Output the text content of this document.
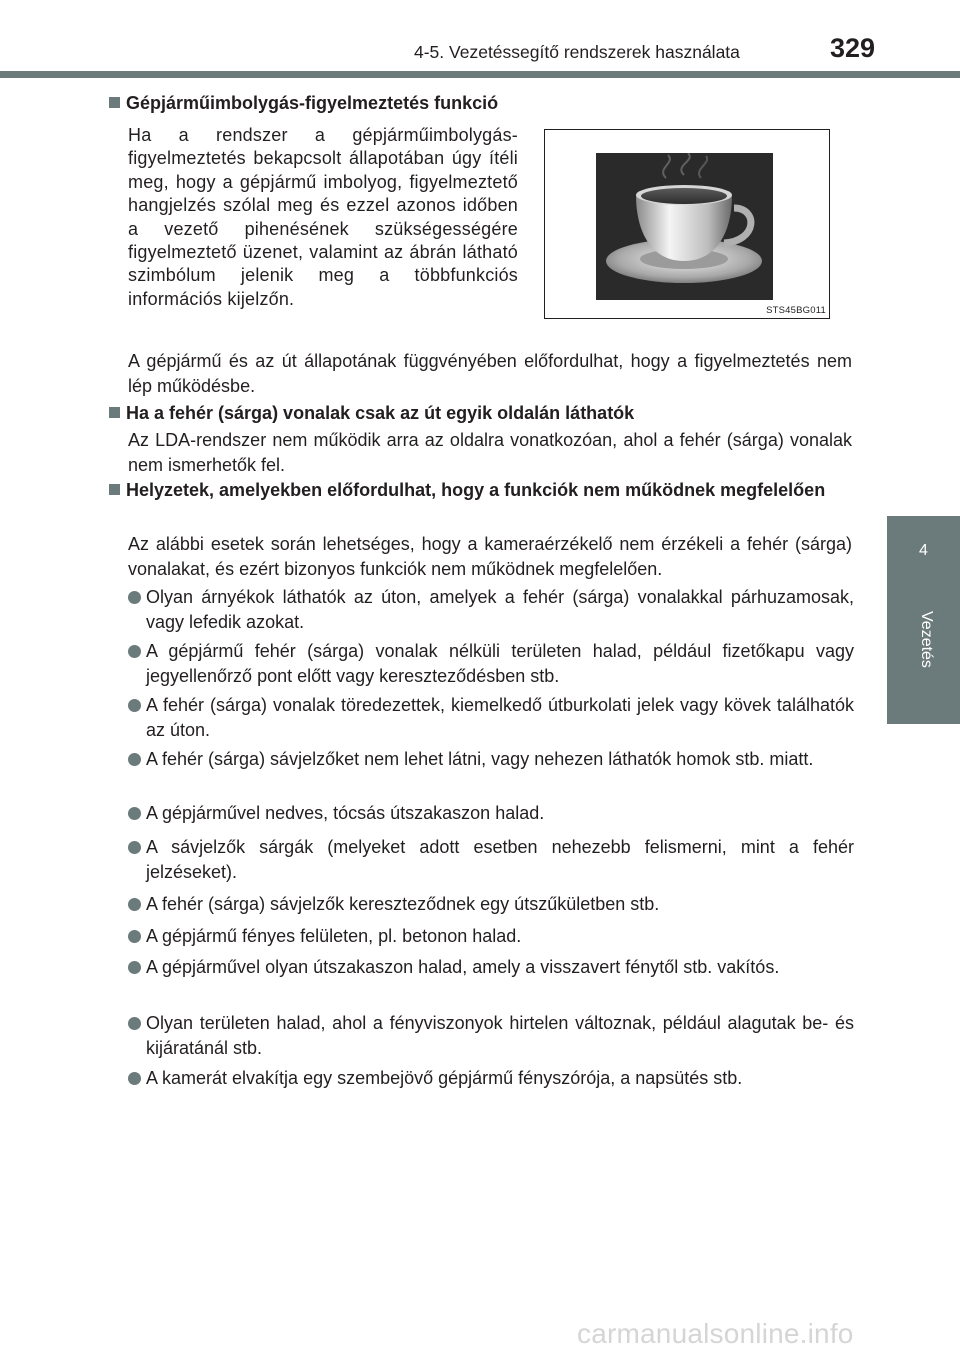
4-5. Vezetéssegítő rendszerek használata	329
4
Vezetés
Gépjárműimbolygás-figyelmeztetés funkció
Ha a rendszer a gépjárműimbolygás-figyelmeztetés bekapcsolt állapotában úgy ítéli meg, hogy a gépjármű imbolyog, figyelmeztető hangjelzés szólal meg és ezzel azonos időben a vezető pihenésének szükségességére figyelmeztető üzenet, valamint az ábrán látható szimbólum jelenik meg a többfunkciós információs kijelzőn.
STS45BG011
A gépjármű és az út állapotának függvényében előfordulhat, hogy a figyelmeztetés nem lép működésbe.
Ha a fehér (sárga) vonalak csak az út egyik oldalán láthatók
Az LDA-rendszer nem működik arra az oldalra vonatkozóan, ahol a fehér (sárga) vonalak nem ismerhetők fel.
Helyzetek, amelyekben előfordulhat, hogy a funkciók nem működnek megfelelően
Az alábbi esetek során lehetséges, hogy a kameraérzékelő nem érzékeli a fehér (sárga) vonalakat, és ezért bizonyos funkciók nem működnek megfelelően.
Olyan árnyékok láthatók az úton, amelyek a fehér (sárga) vonalakkal párhuzamosak, vagy lefedik azokat.
A gépjármű fehér (sárga) vonalak nélküli területen halad, például fizetőkapu vagy jegyellenőrző pont előtt vagy kereszteződésben stb.
A fehér (sárga) vonalak töredezettek, kiemelkedő útburkolati jelek vagy kövek találhatók az úton.
A fehér (sárga) sávjelzőket nem lehet látni, vagy nehezen láthatók homok stb. miatt.
A gépjárművel nedves, tócsás útszakaszon halad.
A sávjelzők sárgák (melyeket adott esetben nehezebb felismerni, mint a fehér jelzéseket).
A fehér (sárga) sávjelzők kereszteződnek egy útszűkületben stb.
A gépjármű fényes felületen, pl. betonon halad.
A gépjárművel olyan útszakaszon halad, amely a visszavert fénytől stb. vakítós.
Olyan területen halad, ahol a fényviszonyok hirtelen változnak, például alagutak be- és kijáratánál stb.
A kamerát elvakítja egy szembejövő gépjármű fényszórója, a napsütés stb.
carmanualsonline.info
